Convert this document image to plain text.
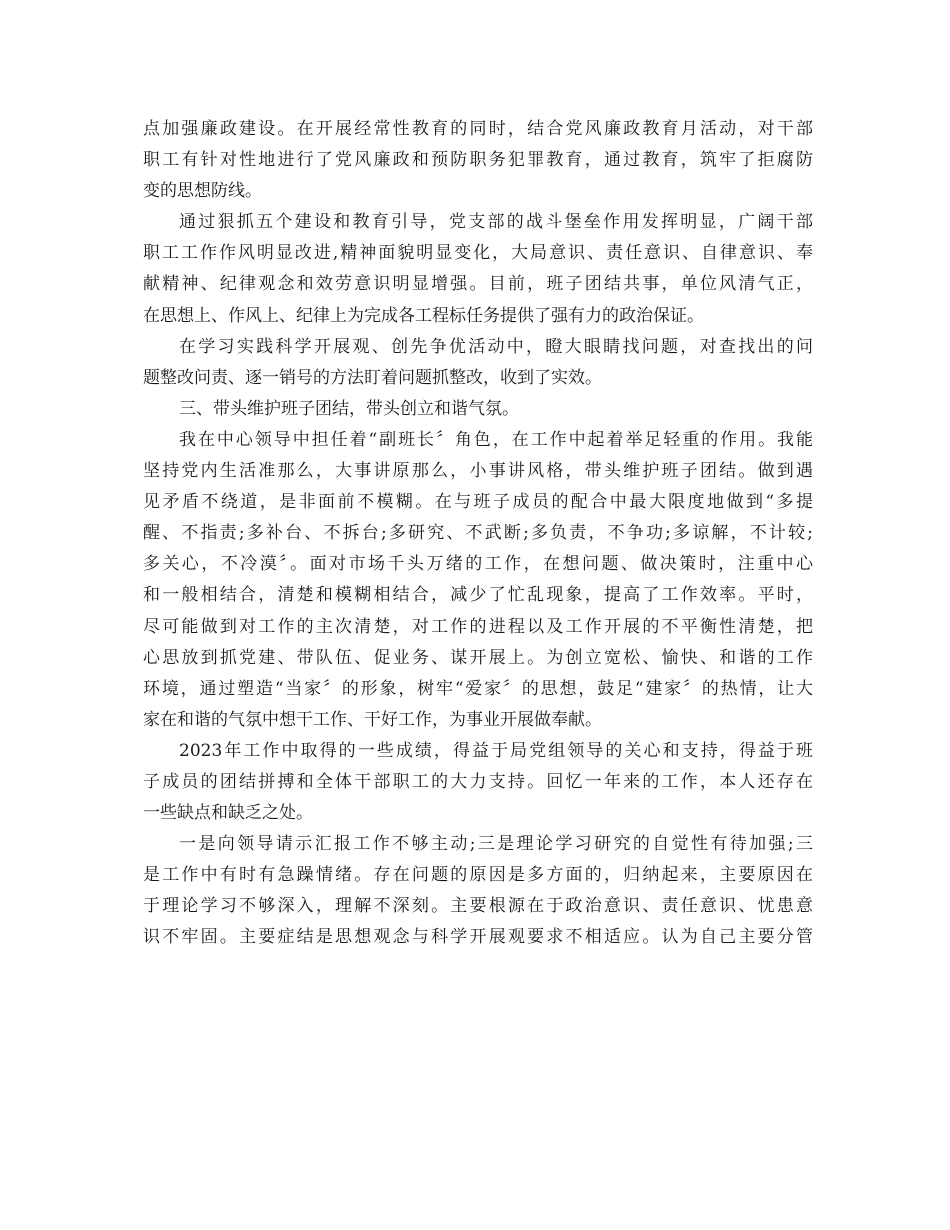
点加强廉政建设。在开展经常性教育的同时，结合党风廉政教育月活动，对干部
职工有针对性地进行了党风廉政和预防职务犯罪教育，通过教育，筑牢了拒腐防
变的思想防线。
通过狠抓五个建设和教育引导，党支部的战斗堡垒作用发挥明显，广阔干部
职工工作作风明显改进,精神面貌明显变化，大局意识、责任意识、自律意识、奉
献精神、纪律观念和效劳意识明显增强。目前，班子团结共事，单位风清气正，
在思想上、作风上、纪律上为完成各工程标任务提供了强有力的政治保证。
在学习实践科学开展观、创先争优活动中，瞪大眼睛找问题，对查找出的问
题整改问责、逐一销号的方法盯着问题抓整改，收到了实效。
三、带头维护班子团结，带头创立和谐气氛。
我在中心领导中担任着“副班长〞角色，在工作中起着举足轻重的作用。我能
坚持党内生活准那么，大事讲原那么，小事讲风格，带头维护班子团结。做到遇
见矛盾不绕道，是非面前不模糊。在与班子成员的配合中最大限度地做到“多提
醒、不指责;多补台、不拆台;多研究、不武断;多负责，不争功;多谅解，不计较;
多关心，不冷漠〞。面对市场千头万绪的工作，在想问题、做决策时，注重中心
和一般相结合，清楚和模糊相结合，减少了忙乱现象，提高了工作效率。平时，
尽可能做到对工作的主次清楚，对工作的进程以及工作开展的不平衡性清楚，把
心思放到抓党建、带队伍、促业务、谋开展上。为创立宽松、愉快、和谐的工作
环境，通过塑造“当家〞的形象，树牢“爱家〞的思想，鼓足“建家〞的热情，让大
家在和谐的气氛中想干工作、干好工作，为事业开展做奉献。
2023年工作中取得的一些成绩，得益于局党组领导的关心和支持，得益于班
子成员的团结拼搏和全体干部职工的大力支持。回忆一年来的工作，本人还存在
一些缺点和缺乏之处。
一是向领导请示汇报工作不够主动;三是理论学习研究的自觉性有待加强;三
是工作中有时有急躁情绪。存在问题的原因是多方面的，归纳起来，主要原因在
于理论学习不够深入，理解不深刻。主要根源在于政治意识、责任意识、忧患意
识不牢固。主要症结是思想观念与科学开展观要求不相适应。认为自己主要分管
